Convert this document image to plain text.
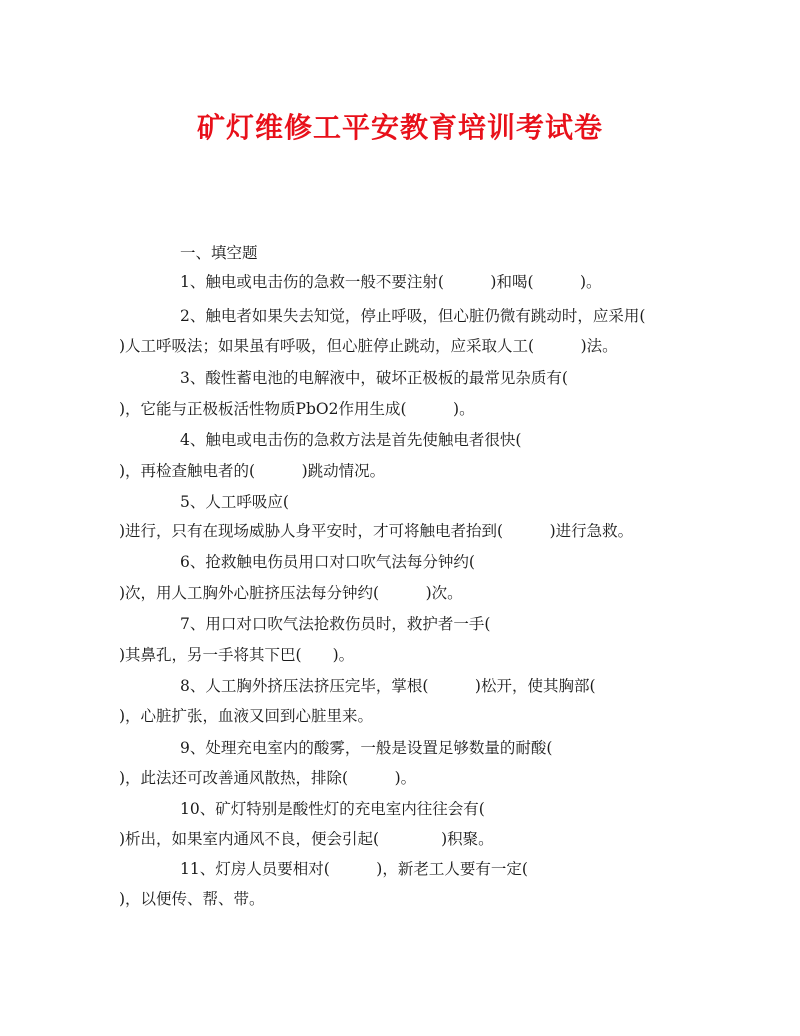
矿灯维修工平安教育培训考试卷
一、填空题
1、触电或电击伤的急救一般不要注射(　　　)和喝(　　　)。
2、触电者如果失去知觉，停止呼吸，但心脏仍微有跳动时，应采用(
)人工呼吸法；如果虽有呼吸，但心脏停止跳动，应采取人工(　　　)法。
3、酸性蓄电池的电解液中，破坏正极板的最常见杂质有(
)，它能与正极板活性物质PbO2作用生成(　　　)。
4、触电或电击伤的急救方法是首先使触电者很快(
)，再检查触电者的(　　　)跳动情况。
5、人工呼吸应(
)进行，只有在现场威胁人身平安时，才可将触电者抬到(　　　)进行急救。
6、抢救触电伤员用口对口吹气法每分钟约(
)次，用人工胸外心脏挤压法每分钟约(　　　)次。
7、用口对口吹气法抢救伤员时，救护者一手(
)其鼻孔，另一手将其下巴(　　)。
8、人工胸外挤压法挤压完毕，掌根(　　　)松开，使其胸部(
)，心脏扩张，血液又回到心脏里来。
9、处理充电室内的酸雾，一般是设置足够数量的耐酸(
)，此法还可改善通风散热，排除(　　　)。
10、矿灯特别是酸性灯的充电室内往往会有(
)析出，如果室内通风不良，便会引起(　　　　)积聚。
11、灯房人员要相对(　　　)，新老工人要有一定(
)，以便传、帮、带。
